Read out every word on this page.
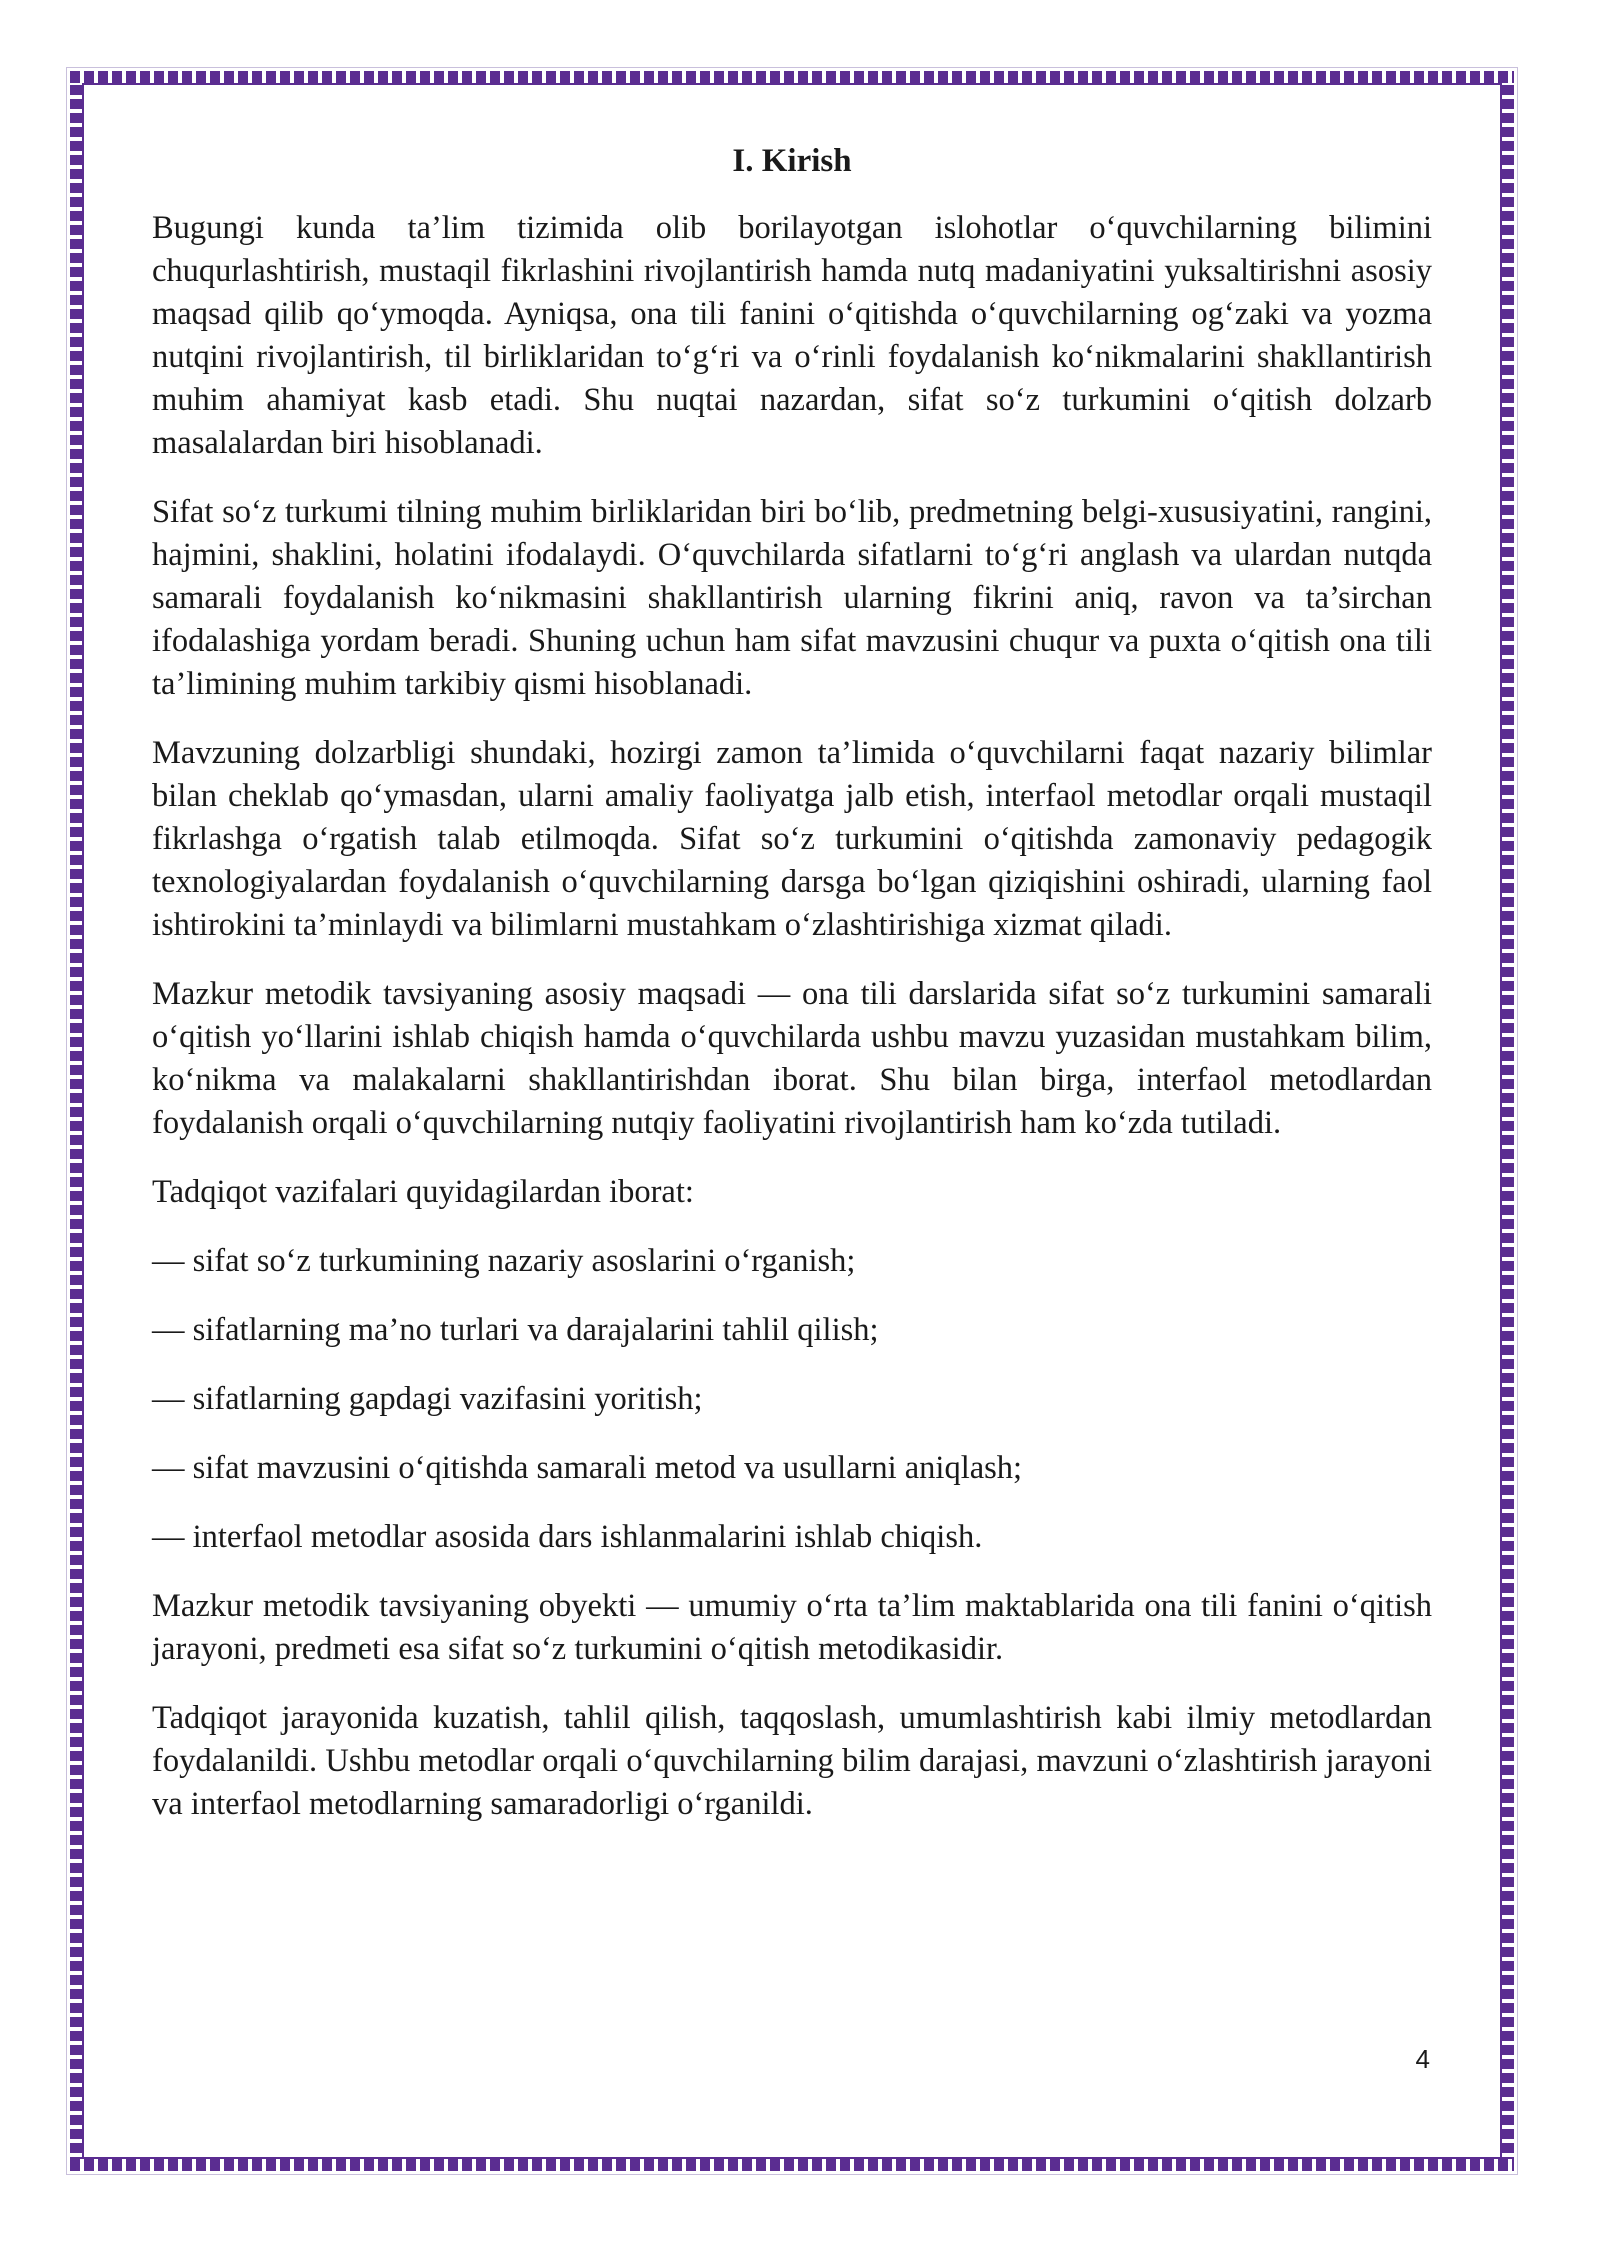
I. Kirish

Bugungi kunda ta’lim tizimida olib borilayotgan islohotlar o‘quvchilarning bilimini chuqurlashtirish, mustaqil fikrlashini rivojlantirish hamda nutq madaniyatini yuksaltirishni asosiy maqsad qilib qo‘ymoqda. Ayniqsa, ona tili fanini o‘qitishda o‘quvchilarning og‘zaki va yozma nutqini rivojlantirish, til birliklaridan to‘g‘ri va o‘rinli foydalanish ko‘nikmalarini shakllantirish muhim ahamiyat kasb etadi. Shu nuqtai nazardan, sifat so‘z turkumini o‘qitish dolzarb masalalardan biri hisoblanadi.

Sifat so‘z turkumi tilning muhim birliklaridan biri bo‘lib, predmetning belgi-xususiyatini, rangini, hajmini, shaklini, holatini ifodalaydi. O‘quvchilarda sifatlarni to‘g‘ri anglash va ulardan nutqda samarali foydalanish ko‘nikmasini shakllantirish ularning fikrini aniq, ravon va ta’sirchan ifodalashiga yordam beradi. Shuning uchun ham sifat mavzusini chuqur va puxta o‘qitish ona tili ta’limining muhim tarkibiy qismi hisoblanadi.

Mavzuning dolzarbligi shundaki, hozirgi zamon ta’limida o‘quvchilarni faqat nazariy bilimlar bilan cheklab qo‘ymasdan, ularni amaliy faoliyatga jalb etish, interfaol metodlar orqali mustaqil fikrlashga o‘rgatish talab etilmoqda. Sifat so‘z turkumini o‘qitishda zamonaviy pedagogik texnologiyalardan foydalanish o‘quvchilarning darsga bo‘lgan qiziqishini oshiradi, ularning faol ishtirokini ta’minlaydi va bilimlarni mustahkam o‘zlashtirishiga xizmat qiladi.

Mazkur metodik tavsiyaning asosiy maqsadi — ona tili darslarida sifat so‘z turkumini samarali o‘qitish yo‘llarini ishlab chiqish hamda o‘quvchilarda ushbu mavzu yuzasidan mustahkam bilim, ko‘nikma va malakalarni shakllantirishdan iborat. Shu bilan birga, interfaol metodlardan foydalanish orqali o‘quvchilarning nutqiy faoliyatini rivojlantirish ham ko‘zda tutiladi.

Tadqiqot vazifalari quyidagilardan iborat:

— sifat so‘z turkumining nazariy asoslarini o‘rganish;
— sifatlarning ma’no turlari va darajalarini tahlil qilish;
— sifatlarning gapdagi vazifasini yoritish;
— sifat mavzusini o‘qitishda samarali metod va usullarni aniqlash;
— interfaol metodlar asosida dars ishlanmalarini ishlab chiqish.

Mazkur metodik tavsiyaning obyekti — umumiy o‘rta ta’lim maktablarida ona tili fanini o‘qitish jarayoni, predmeti esa sifat so‘z turkumini o‘qitish metodikasidir.

Tadqiqot jarayonida kuzatish, tahlil qilish, taqqoslash, umumlashtirish kabi ilmiy metodlardan foydalanildi. Ushbu metodlar orqali o‘quvchilarning bilim darajasi, mavzuni o‘zlashtirish jarayoni va interfaol metodlarning samaradorligi o‘rganildi.

4
